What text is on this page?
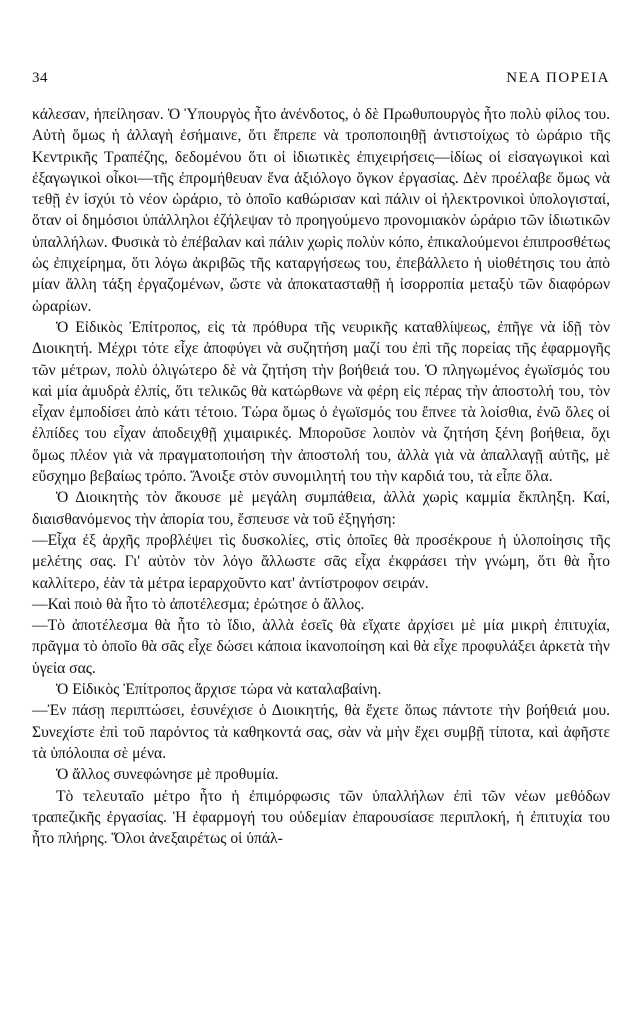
34	ΝΕΑ ΠΟΡΕΙΑ

κάλεσαν, ἠπείλησαν. Ὁ Ὑπουργὸς ἦτο ἀνένδοτος, ὁ δὲ Πρωθυπουργὸς ἦτο πολὺ φίλος του. Αὐτὴ ὅμως ἡ ἀλλαγὴ ἐσήμαινε, ὅτι ἔπρεπε νὰ τροποποιηθῇ ἀντιστοίχως τὸ ὡράριο τῆς Κεντρικῆς Τραπέζης, δεδομένου ὅτι οἱ ἰδιωτικὲς ἐπιχειρήσεις—ἰδίως οἱ εἰσαγωγικοὶ καὶ ἐξαγωγικοὶ οἶκοι—τῆς ἐπρομήθευαν ἕνα ἀξιόλογο ὄγκον ἐργασίας. Δὲν προέλαβε ὅμως νὰ τεθῇ ἐν ἰσχύι τὸ νέον ὡράριο, τὸ ὁποῖο καθώρισαν καὶ πάλιν οἱ ἠλεκτρονικοὶ ὑπολογισταί, ὅταν οἱ δημόσιοι ὑπάλληλοι ἐζήλεψαν τὸ προηγούμενο προνομιακὸν ὡράριο τῶν ἰδιωτικῶν ὑπαλλήλων. Φυσικὰ τὸ ἐπέβαλαν καὶ πάλιν χωρὶς πολὺν κόπο, ἐπικαλούμενοι ἐπιπροσθέτως ὡς ἐπιχείρημα, ὅτι λόγω ἀκριβῶς τῆς καταργήσεως του, ἐπεβάλλετο ἡ υἱοθέτησις του ἀπὸ μίαν ἄλλη τάξη ἐργαζομένων, ὥστε νὰ ἀποκατασταθῇ ἡ ἰσορροπία μεταξὺ τῶν διαφόρων ὡραρίων.

Ὁ Εἰδικὸς Ἐπίτροπος, εἰς τὰ πρόθυρα τῆς νευρικῆς καταθλίψεως, ἐπῆγε νὰ ἰδῇ τὸν Διοικητή. Μέχρι τότε εἶχε ἀποφύγει νὰ συζητήση μαζί του ἐπὶ τῆς πορείας τῆς ἐφαρμογῆς τῶν μέτρων, πολὺ ὀλιγώτερο δὲ νὰ ζητήση τὴν βοήθειά του. Ὁ πληγωμένος ἐγωϊσμός του καὶ μία ἀμυδρὰ ἐλπίς, ὅτι τελικῶς θὰ κατώρθωνε νὰ φέρη εἰς πέρας τὴν ἀποστολή του, τὸν εἶχαν ἐμποδίσει ἀπὸ κάτι τέτοιο. Τώρα ὅμως ὁ ἐγωϊσμός του ἔπνεε τὰ λοίσθια, ἐνῶ ὅλες οἱ ἐλπίδες του εἶχαν ἀποδειχθῇ χιμαιρικές. Μποροῦσε λοιπὸν νὰ ζητήση ξένη βοήθεια, ὄχι ὅμως πλέον γιὰ νὰ πραγματοποιήση τὴν ἀποστολή του, ἀλλὰ γιὰ νὰ ἀπαλλαγῇ αὐτῆς, μὲ εὔσχημο βεβαίως τρόπο. Ἄνοιξε στὸν συνομιλητή του τὴν καρδιά του, τὰ εἶπε ὅλα.

Ὁ Διοικητὴς τὸν ἄκουσε μὲ μεγάλη συμπάθεια, ἀλλὰ χωρὶς καμμία ἔκπληξη. Καί, διαισθανόμενος τὴν ἀπορία του, ἔσπευσε νὰ τοῦ ἐξηγήση:

—Εἶχα ἐξ ἀρχῆς προβλέψει τὶς δυσκολίες, στὶς ὁποῖες θὰ προσέκρουε ἡ ὑλοποίησις τῆς μελέτης σας. Γι' αὐτὸν τὸν λόγο ἄλλωστε σᾶς εἶχα ἐκφράσει τὴν γνώμη, ὅτι θὰ ἦτο καλλίτερο, ἐὰν τὰ μέτρα ἱεραρχοῦντο κατ' ἀντίστροφον σειράν.

—Καὶ ποιὸ θὰ ἦτο τὸ ἀποτέλεσμα; ἐρώτησε ὁ ἄλλος.

—Τὸ ἀποτέλεσμα θὰ ἦτο τὸ ἴδιο, ἀλλὰ ἐσεῖς θὰ εἴχατε ἀρχίσει μὲ μία μικρὴ ἐπιτυχία, πρᾶγμα τὸ ὁποῖο θὰ σᾶς εἶχε δώσει κάποια ἱκανοποίηση καὶ θὰ εἶχε προφυλάξει ἀρκετὰ τὴν ὑγεία σας.

Ὁ Εἰδικὸς Ἐπίτροπος ἄρχισε τώρα νὰ καταλαβαίνη.

—Ἐν πάσῃ περιπτώσει, ἐσυνέχισε ὁ Διοικητής, θὰ ἔχετε ὅπως πάντοτε τὴν βοήθειά μου. Συνεχίστε ἐπὶ τοῦ παρόντος τὰ καθηκοντά σας, σὰν νὰ μὴν ἔχει συμβῇ τίποτα, καὶ ἀφῆστε τὰ ὑπόλοιπα σὲ μένα.

Ὁ ἄλλος συνεφώνησε μὲ προθυμία.

Τὸ τελευταῖο μέτρο ἦτο ἡ ἐπιμόρφωσις τῶν ὑπαλλήλων ἐπὶ τῶν νέων μεθόδων τραπεζικῆς ἐργασίας. Ἡ ἐφαρμογή του οὐδεμίαν ἐπαρουσίασε περιπλοκή, ἡ ἐπιτυχία του ἦτο πλήρης. Ὅλοι ἀνεξαιρέτως οἱ ὑπάλ-
